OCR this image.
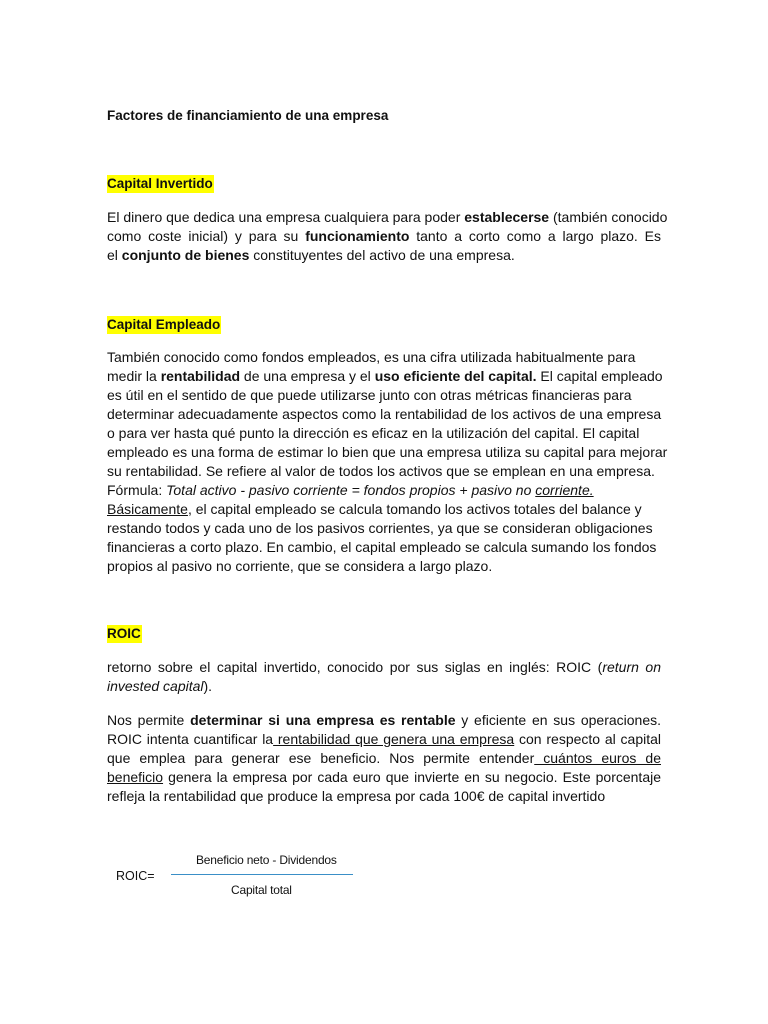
Factores de financiamiento de una empresa
Capital Invertido
El dinero que dedica una empresa cualquiera para poder establecerse (también conocido
como coste inicial) y para su funcionamiento tanto a corto como a largo plazo. Es
el conjunto de bienes constituyentes del activo de una empresa.
Capital Empleado
También conocido como fondos empleados, es una cifra utilizada habitualmente para
medir la rentabilidad de una empresa y el uso eficiente del capital. El capital empleado
es útil en el sentido de que puede utilizarse junto con otras métricas financieras para
determinar adecuadamente aspectos como la rentabilidad de los activos de una empresa
o para ver hasta qué punto la dirección es eficaz en la utilización del capital. El capital
empleado es una forma de estimar lo bien que una empresa utiliza su capital para mejorar
su rentabilidad. Se refiere al valor de todos los activos que se emplean en una empresa.
Fórmula: Total activo - pasivo corriente = fondos propios + pasivo no corriente.
Básicamente, el capital empleado se calcula tomando los activos totales del balance y
restando todos y cada uno de los pasivos corrientes, ya que se consideran obligaciones
financieras a corto plazo. En cambio, el capital empleado se calcula sumando los fondos
propios al pasivo no corriente, que se considera a largo plazo.
ROIC
retorno sobre el capital invertido, conocido por sus siglas en inglés: ROIC (return on
invested capital).
Nos permite determinar si una empresa es rentable y eficiente en sus operaciones.
ROIC intenta cuantificar la rentabilidad que genera una empresa con respecto al capital
que emplea para generar ese beneficio. Nos permite entender cuántos euros de
beneficio genera la empresa por cada euro que invierte en su negocio. Este porcentaje
refleja la rentabilidad que produce la empresa por cada 100€ de capital invertido
ROIC=
Beneficio neto - Dividendos
Capital total
